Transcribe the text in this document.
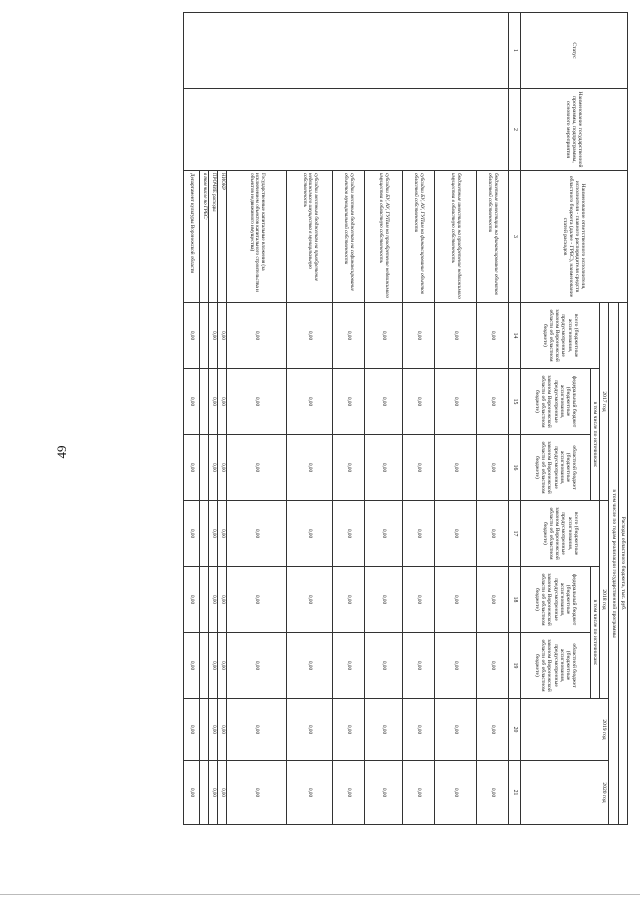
49
Статус	Наименование государственной программы, подпрограммы, основного мероприятия	Наименование ответственного исполнителя, исполнителя - главного распорядителя средств областного бюджета (далее - ГРБС), наименование статей расходов	Расходы областного бюджета, тыс. руб.							
			в том числе по годам реализации государственной программы							
			2017 год			2018 год			2019 год	2020 год
			всего (бюджетные ассигнования, предусмотренные законом Воронежской области об областном бюджете)	в том числе по источникам:		всего (бюджетные ассигнования, предусмотренные законом Воронежской области об областном бюджете)	в том числе по источникам:			
				федеральный бюджет (бюджетные ассигнования, предусмотренные законом Воронежской области об областном бюджете)	областной бюджет (бюджетные ассигнования, предусмотренные законом Воронежской области об областном бюджете)		федеральный бюджет (бюджетные ассигнования, предусмотренные законом Воронежской области об областном бюджете)	областной бюджет (бюджетные ассигнования, предусмотренные законом Воронежской области об областном бюджете)		
1	2	3	14	15	16	17	18	19	20	21
		бюджетные инвестиции на финансирование объектов областной собственности	0,00	0,00	0,00	0,00	0,00	0,00	0,00	0,00
		бюджетные инвестиции на приобретение недвижимого имущества в областную собственность	0,00	0,00	0,00	0,00	0,00	0,00	0,00	0,00
		субсидии БУ, АУ, ГУПам на финансирование объектов областной собственности	0,00	0,00	0,00	0,00	0,00	0,00	0,00	0,00
		субсидии БУ, АУ, ГУПам на приобретение недвижимого имущества в областную собственность	0,00	0,00	0,00	0,00	0,00	0,00	0,00	0,00
		субсидии местным бюджетам на софинансирование объектов муниципальной собственности	0,00	0,00	0,00	0,00	0,00	0,00	0,00	0,00
		субсидии местным бюджетам на приобретение недвижимого имущества в муниципальную собственность	0,00	0,00	0,00	0,00	0,00	0,00	0,00	0,00
		Государственные капитальные вложения (за исключением объектов капитального строительства и объектов недвижимого имущества)	0,00	0,00	0,00	0,00	0,00	0,00	0,00	0,00
		НИОКР	0,00	0,00	0,00	0,00	0,00	0,00	0,00	0,00
		ПРОЧИЕ расходы	0,00	0,00	0,00	0,00	0,00	0,00	0,00	0,00
		в том числе по ГРБС:								
		Департамент культуры Воронежской области	0,00	0,00	0,00	0,00	0,00	0,00	0,00	0,00
